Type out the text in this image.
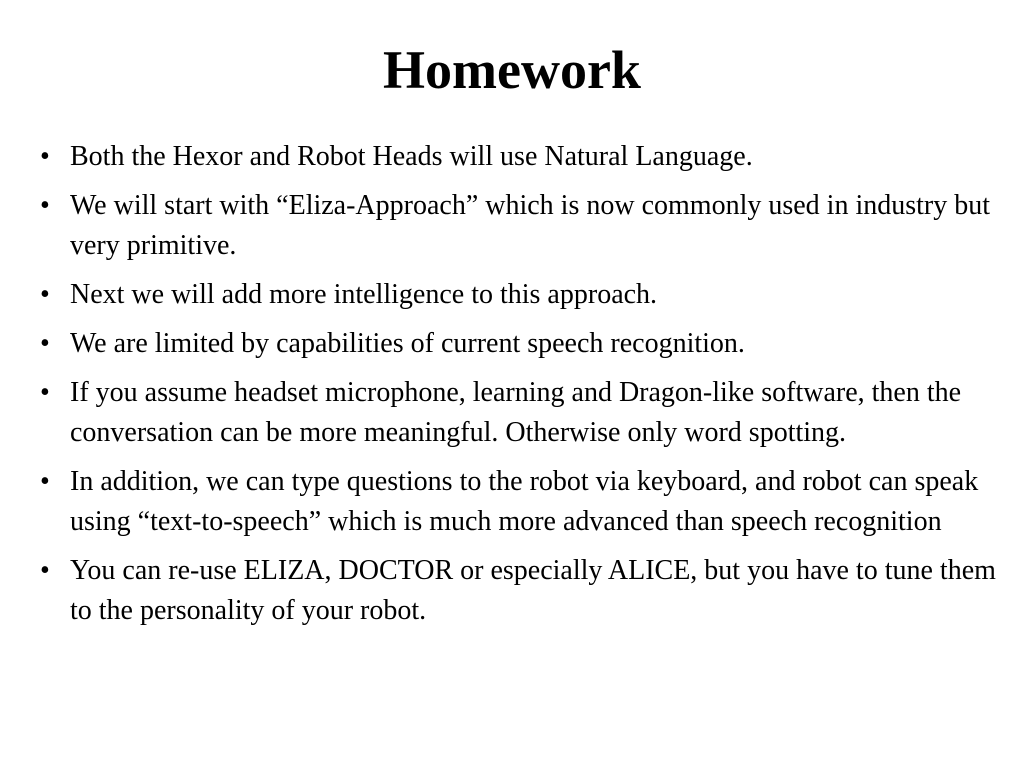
Homework
• Both the Hexor and Robot Heads will use Natural Language.
• We will start with “Eliza-Approach” which is now commonly used in industry but very primitive.
• Next we will add more intelligence to this approach.
• We are limited by capabilities of current speech recognition.
• If you assume headset microphone, learning and Dragon-like software, then the conversation can be more meaningful. Otherwise only word spotting.
• In addition, we can type questions to the robot via keyboard, and robot can speak using “text-to-speech” which is much more advanced than speech recognition
• You can re-use ELIZA, DOCTOR or especially ALICE, but you have to tune them to the personality of your robot.
